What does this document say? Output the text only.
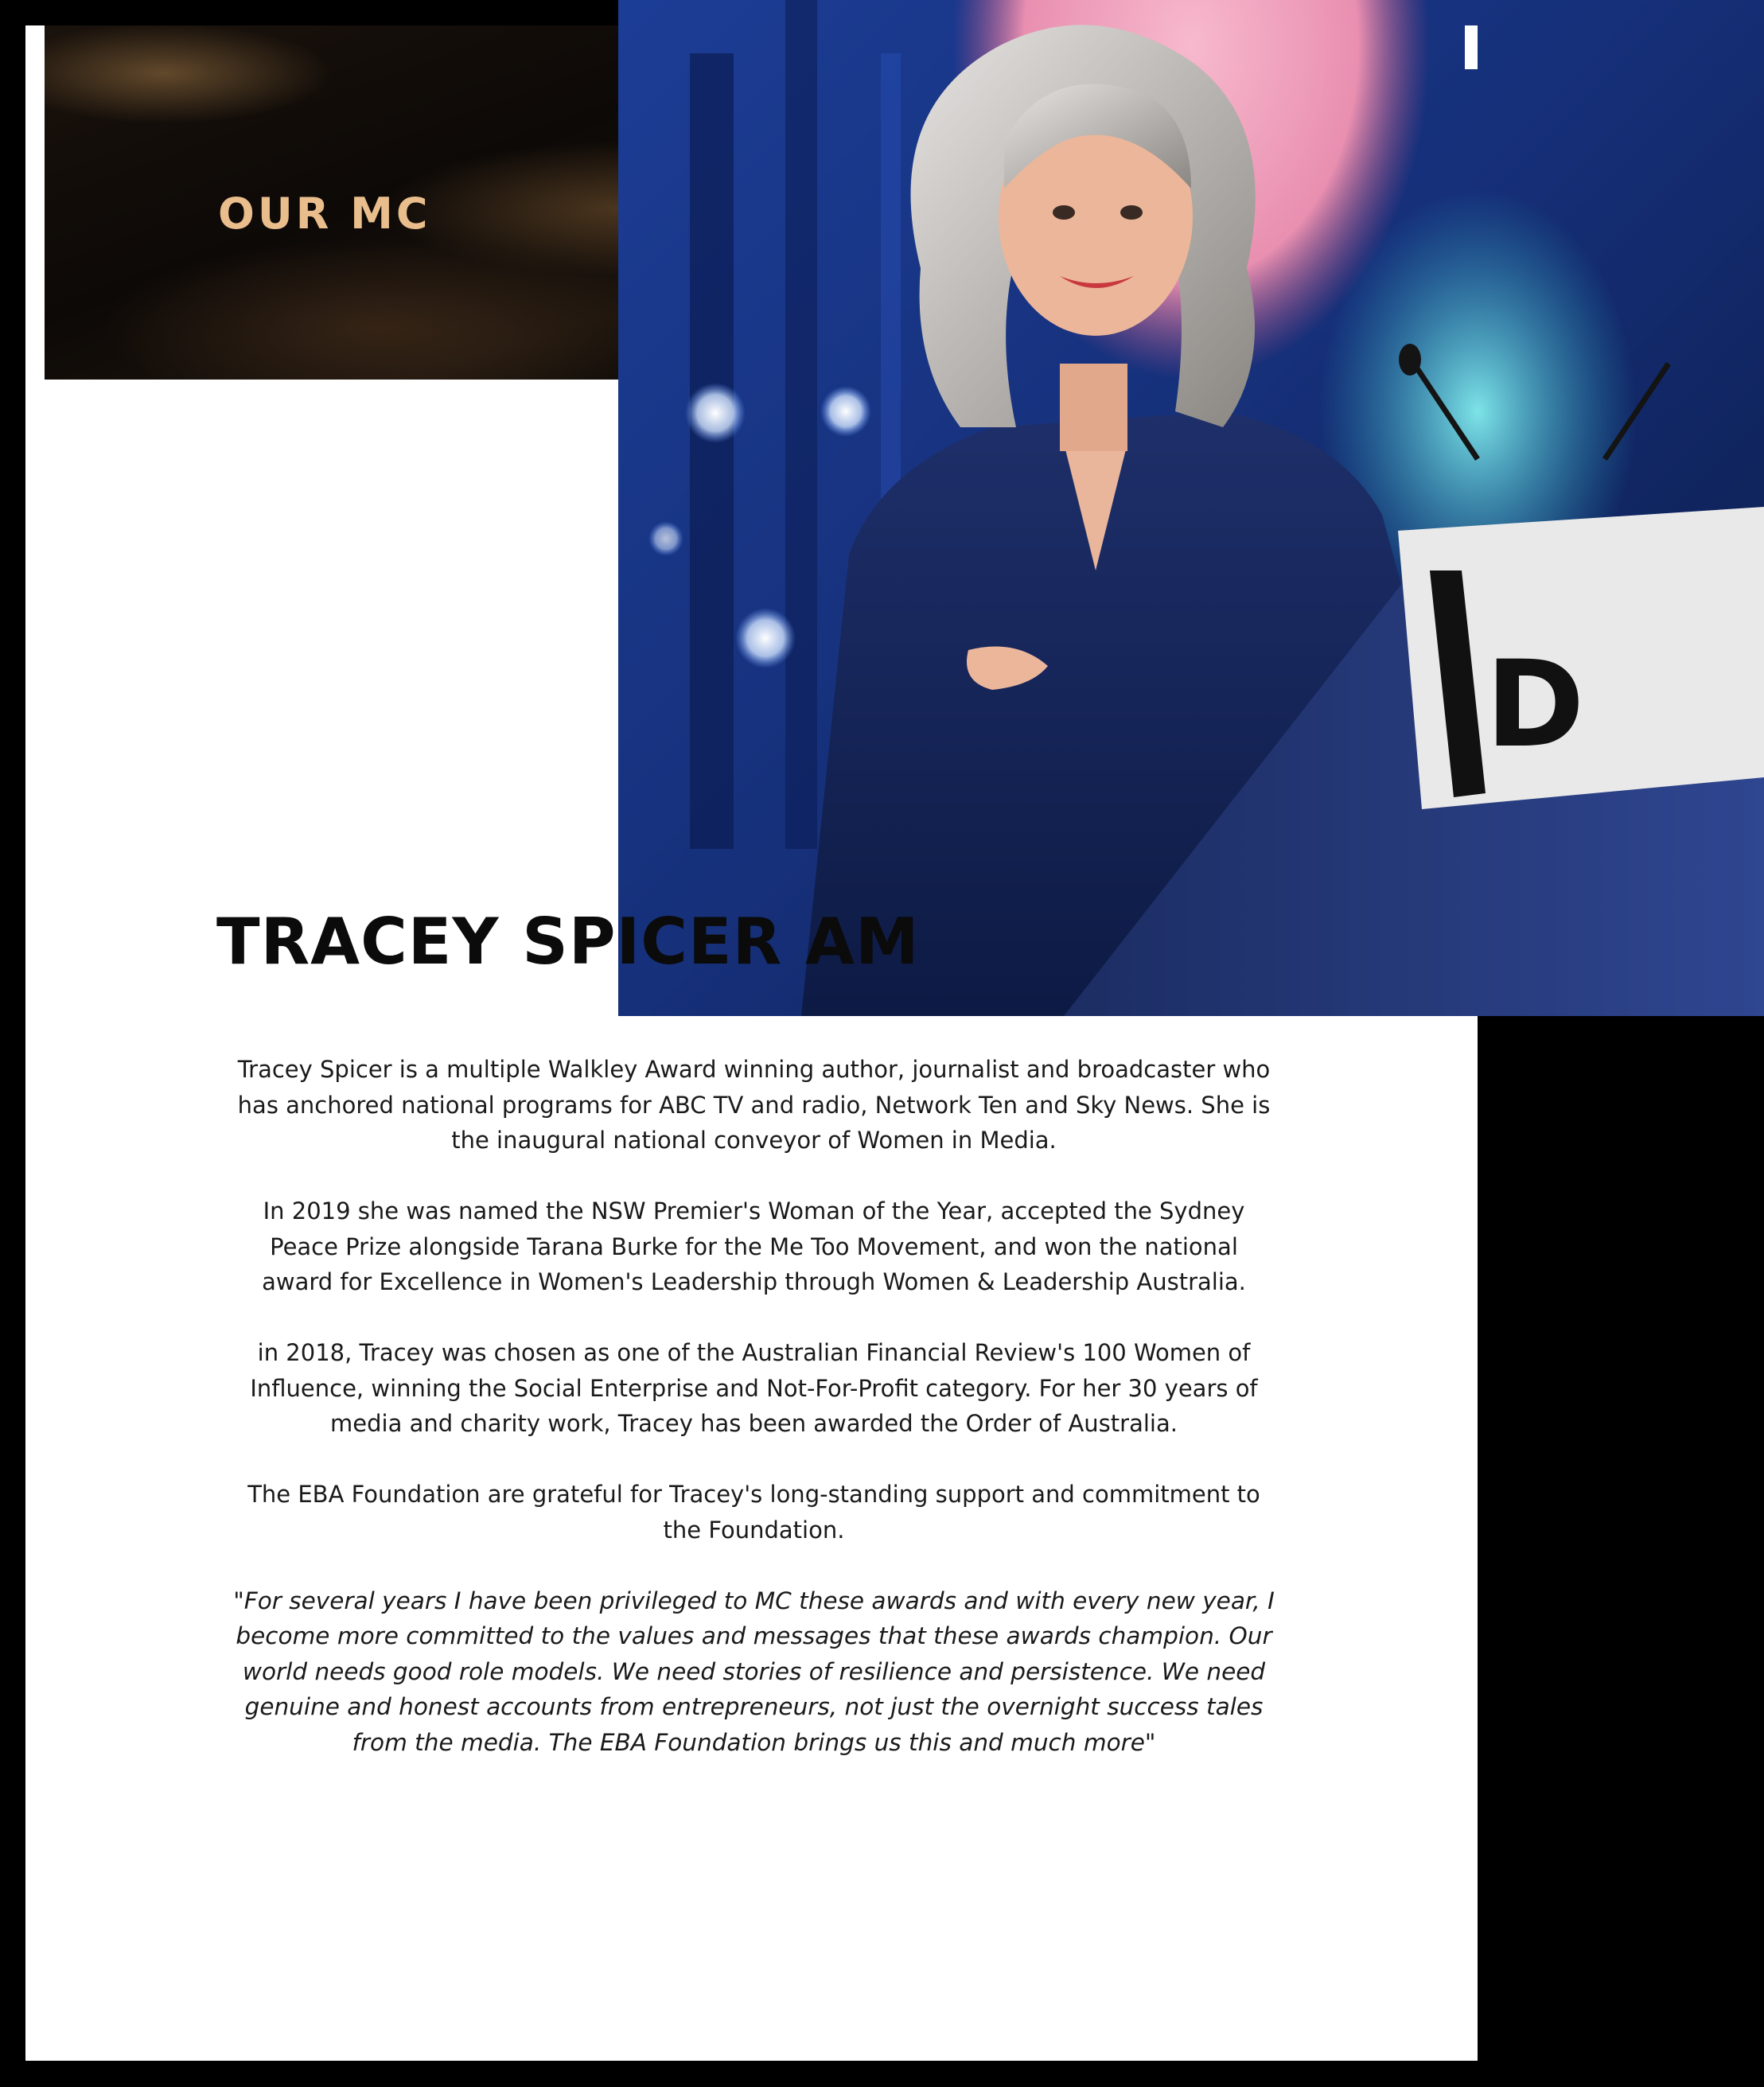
OUR MC
D
TRACEY SPICER AM

Tracey Spicer is a multiple Walkley Award winning author, journalist and broadcaster who has anchored national programs for ABC TV and radio, Network Ten and Sky News. She is the inaugural national conveyor of Women in Media.

In 2019 she was named the NSW Premier's Woman of the Year, accepted the Sydney Peace Prize alongside Tarana Burke for the Me Too Movement, and won the national award for Excellence in Women's Leadership through Women & Leadership Australia.

in 2018, Tracey was chosen as one of the Australian Financial Review's 100 Women of Influence, winning the Social Enterprise and Not-For-Profit category. For her 30 years of media and charity work, Tracey has been awarded the Order of Australia.

The EBA Foundation are grateful for Tracey's long-standing support and commitment to the Foundation.

"For several years I have been privileged to MC these awards and with every new year, I become more committed to the values and messages that these awards champion. Our world needs good role models. We need stories of resilience and persistence. We need genuine and honest accounts from entrepreneurs, not just the overnight success tales from the media. The EBA Foundation brings us this and much more"
